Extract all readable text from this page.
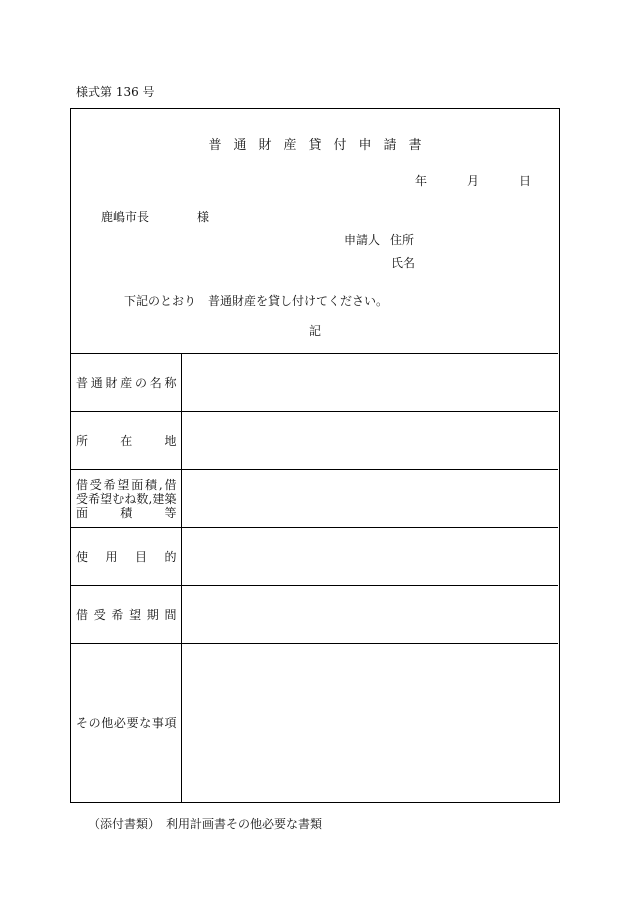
様式第 136 号
普通財産貸付申請書
年	月	日
鹿嶋市長	様
申請人 住所
氏名
下記のとおり　普通財産を貸し付けてください。
記
普通財産の名称	

所在地	

借受希望面積,借
受希望むね数,建築
面　　積　　等	

使用目的	

借受希望期間	

その他必要な事項	

（添付書類）　利用計画書その他必要な書類
